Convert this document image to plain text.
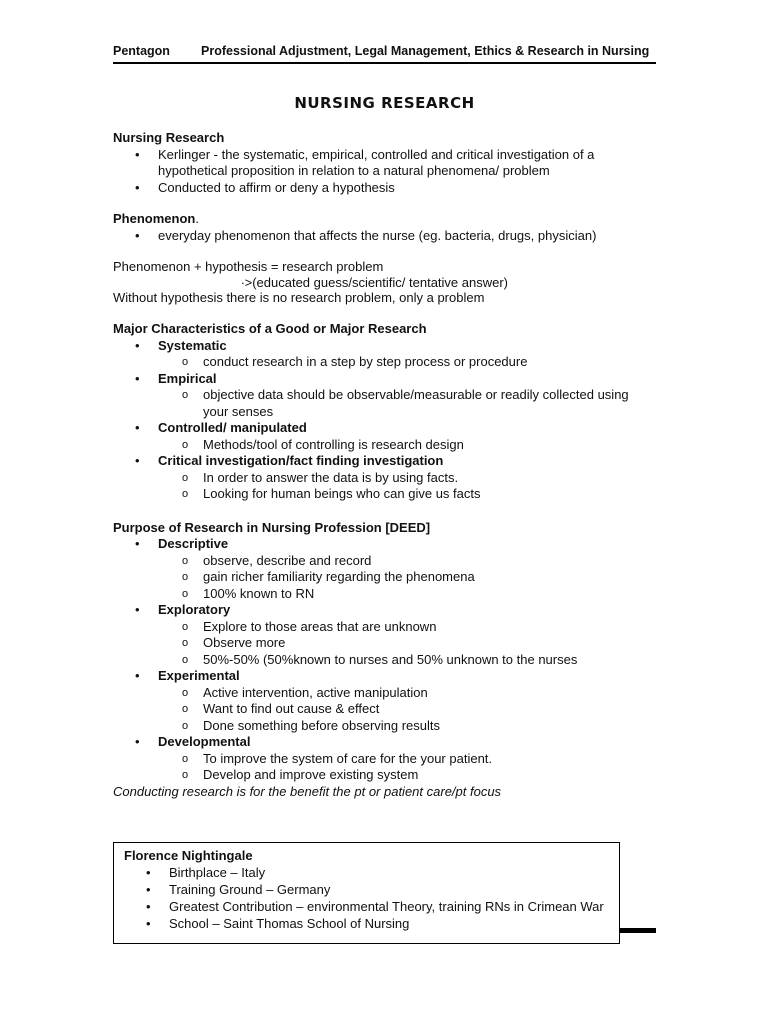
Pentagon Professional Adjustment, Legal Management, Ethics & Research in Nursing
NURSING RESEARCH

Nursing Research

• Kerlinger - the systematic, empirical, controlled and critical investigation of a hypothetical proposition in relation to a natural phenomena/ problem
• Conducted to affirm or deny a hypothesis

Phenomenon.

• everyday phenomenon that affects the nurse (eg. bacteria, drugs, physician)

Phenomenon + hypothesis = research problem

∙>(educated guess/scientific/ tentative answer)

Without hypothesis there is no research problem, only a problem

Major Characteristics of a Good or Major Research

• Systematic
o conduct research in a step by step process or procedure
• Empirical
o objective data should be observable/measurable or readily collected using your senses
• Controlled/ manipulated
o Methods/tool of controlling is research design
• Critical investigation/fact finding investigation
o In order to answer the data is by using facts.
o Looking for human beings who can give us facts

Purpose of Research in Nursing Profession [DEED]

• Descriptive
o observe, describe and record
o gain richer familiarity regarding the phenomena
o 100% known to RN
• Exploratory
o Explore to those areas that are unknown
o Observe more
o 50%-50% (50%known to nurses and 50% unknown to the nurses
• Experimental
o Active intervention, active manipulation
o Want to find out cause & effect
o Done something before observing results
• Developmental
o To improve the system of care for the your patient.
o Develop and improve existing system

Conducting research is for the benefit the pt or patient care/pt focus

Florence Nightingale

• Birthplace – Italy
• Training Ground – Germany
• Greatest Contribution – environmental Theory, training RNs in Crimean War
• School – Saint Thomas School of Nursing
